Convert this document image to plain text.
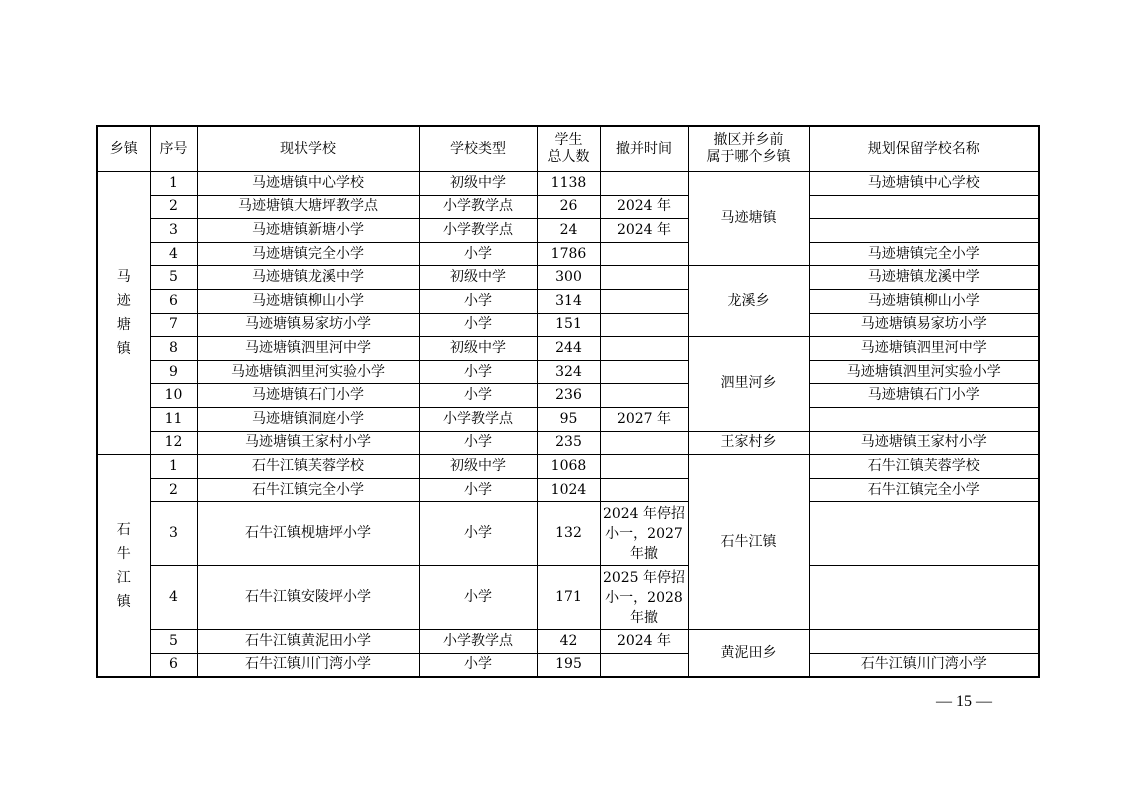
乡镇	序号	现状学校	学校类型	学生
总人数	撤并时间	撤区并乡前
属于哪个乡镇	规划保留学校名称
马迹塘镇	1	马迹塘镇中心学校	初级中学	1138		马迹塘镇	马迹塘镇中心学校
	2	马迹塘镇大塘坪教学点	小学教学点	26	2024 年		
	3	马迹塘镇新塘小学	小学教学点	24	2024 年		
	4	马迹塘镇完全小学	小学	1786			马迹塘镇完全小学
	5	马迹塘镇龙溪中学	初级中学	300		龙溪乡	马迹塘镇龙溪中学
	6	马迹塘镇柳山小学	小学	314			马迹塘镇柳山小学
	7	马迹塘镇易家坊小学	小学	151			马迹塘镇易家坊小学
	8	马迹塘镇泗里河中学	初级中学	244		泗里河乡	马迹塘镇泗里河中学
	9	马迹塘镇泗里河实验小学	小学	324			马迹塘镇泗里河实验小学
	10	马迹塘镇石门小学	小学	236			马迹塘镇石门小学
	11	马迹塘镇洞庭小学	小学教学点	95	2027 年		
	12	马迹塘镇王家村小学	小学	235		王家村乡	马迹塘镇王家村小学
石牛江镇	1	石牛江镇芙蓉学校	初级中学	1068		石牛江镇	石牛江镇芙蓉学校
	2	石牛江镇完全小学	小学	1024			石牛江镇完全小学
	3	石牛江镇枧塘坪小学	小学	132	2024 年停招小一，2027 年撤		
	4	石牛江镇安陵坪小学	小学	171	2025 年停招小一，2028 年撤		
	5	石牛江镇黄泥田小学	小学教学点	42	2024 年	黄泥田乡	
	6	石牛江镇川门湾小学	小学	195			石牛江镇川门湾小学
— 15 —
